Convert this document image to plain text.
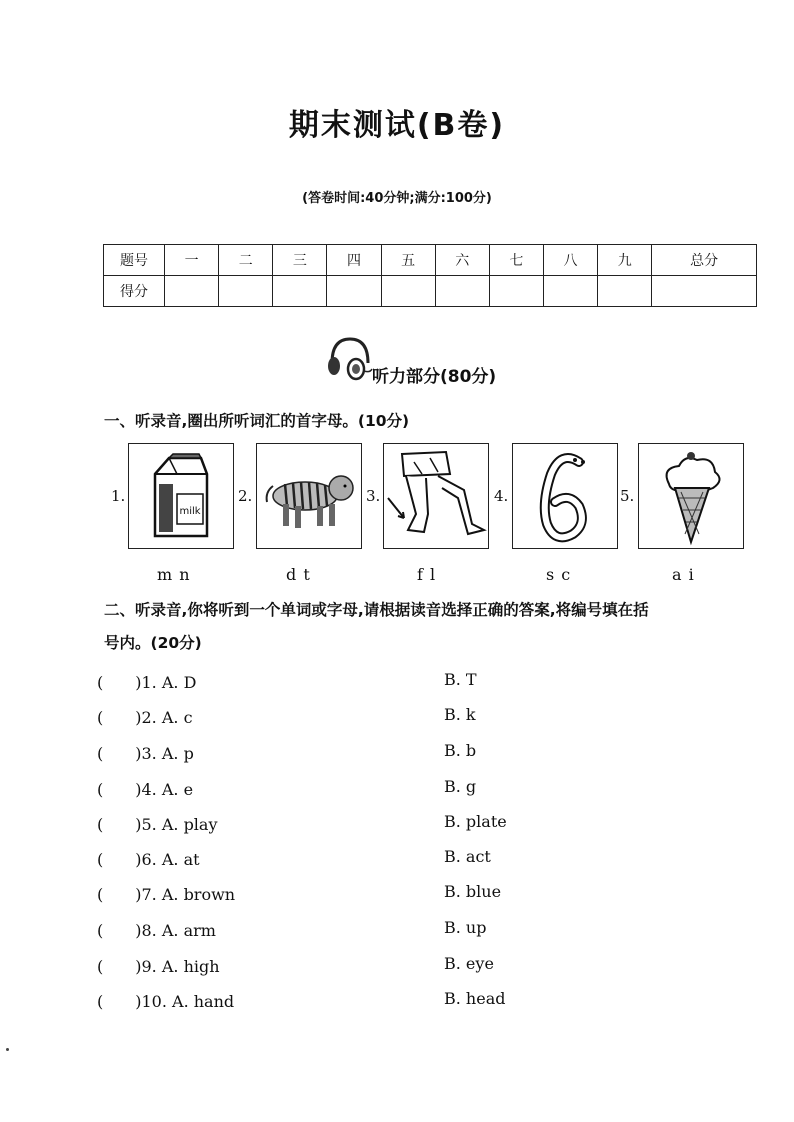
期末测试(B卷)
(答卷时间:40分钟;满分:100分)
题号	一	二	三	四	五	六	七	八	九	总分
得分										
听力部分(80分)
一、听录音,圈出所听词汇的首字母。(10分)
1.
milk
2.	3.	4.	5.
m n	d t	f l	s c	a i
二、听录音,你将听到一个单词或字母,请根据读音选择正确的答案,将编号填在括
号内。(20分)
(　　)1. A. D	B. T
(　　)2. A. c	B. k
(　　)3. A. p	B. b
(　　)4. A. e	B. g
(　　)5. A. play	B. plate
(　　)6. A. at	B. act
(　　)7. A. brown	B. blue
(　　)8. A. arm	B. up
(　　)9. A. high	B. eye
(　　)10. A. hand	B. head
